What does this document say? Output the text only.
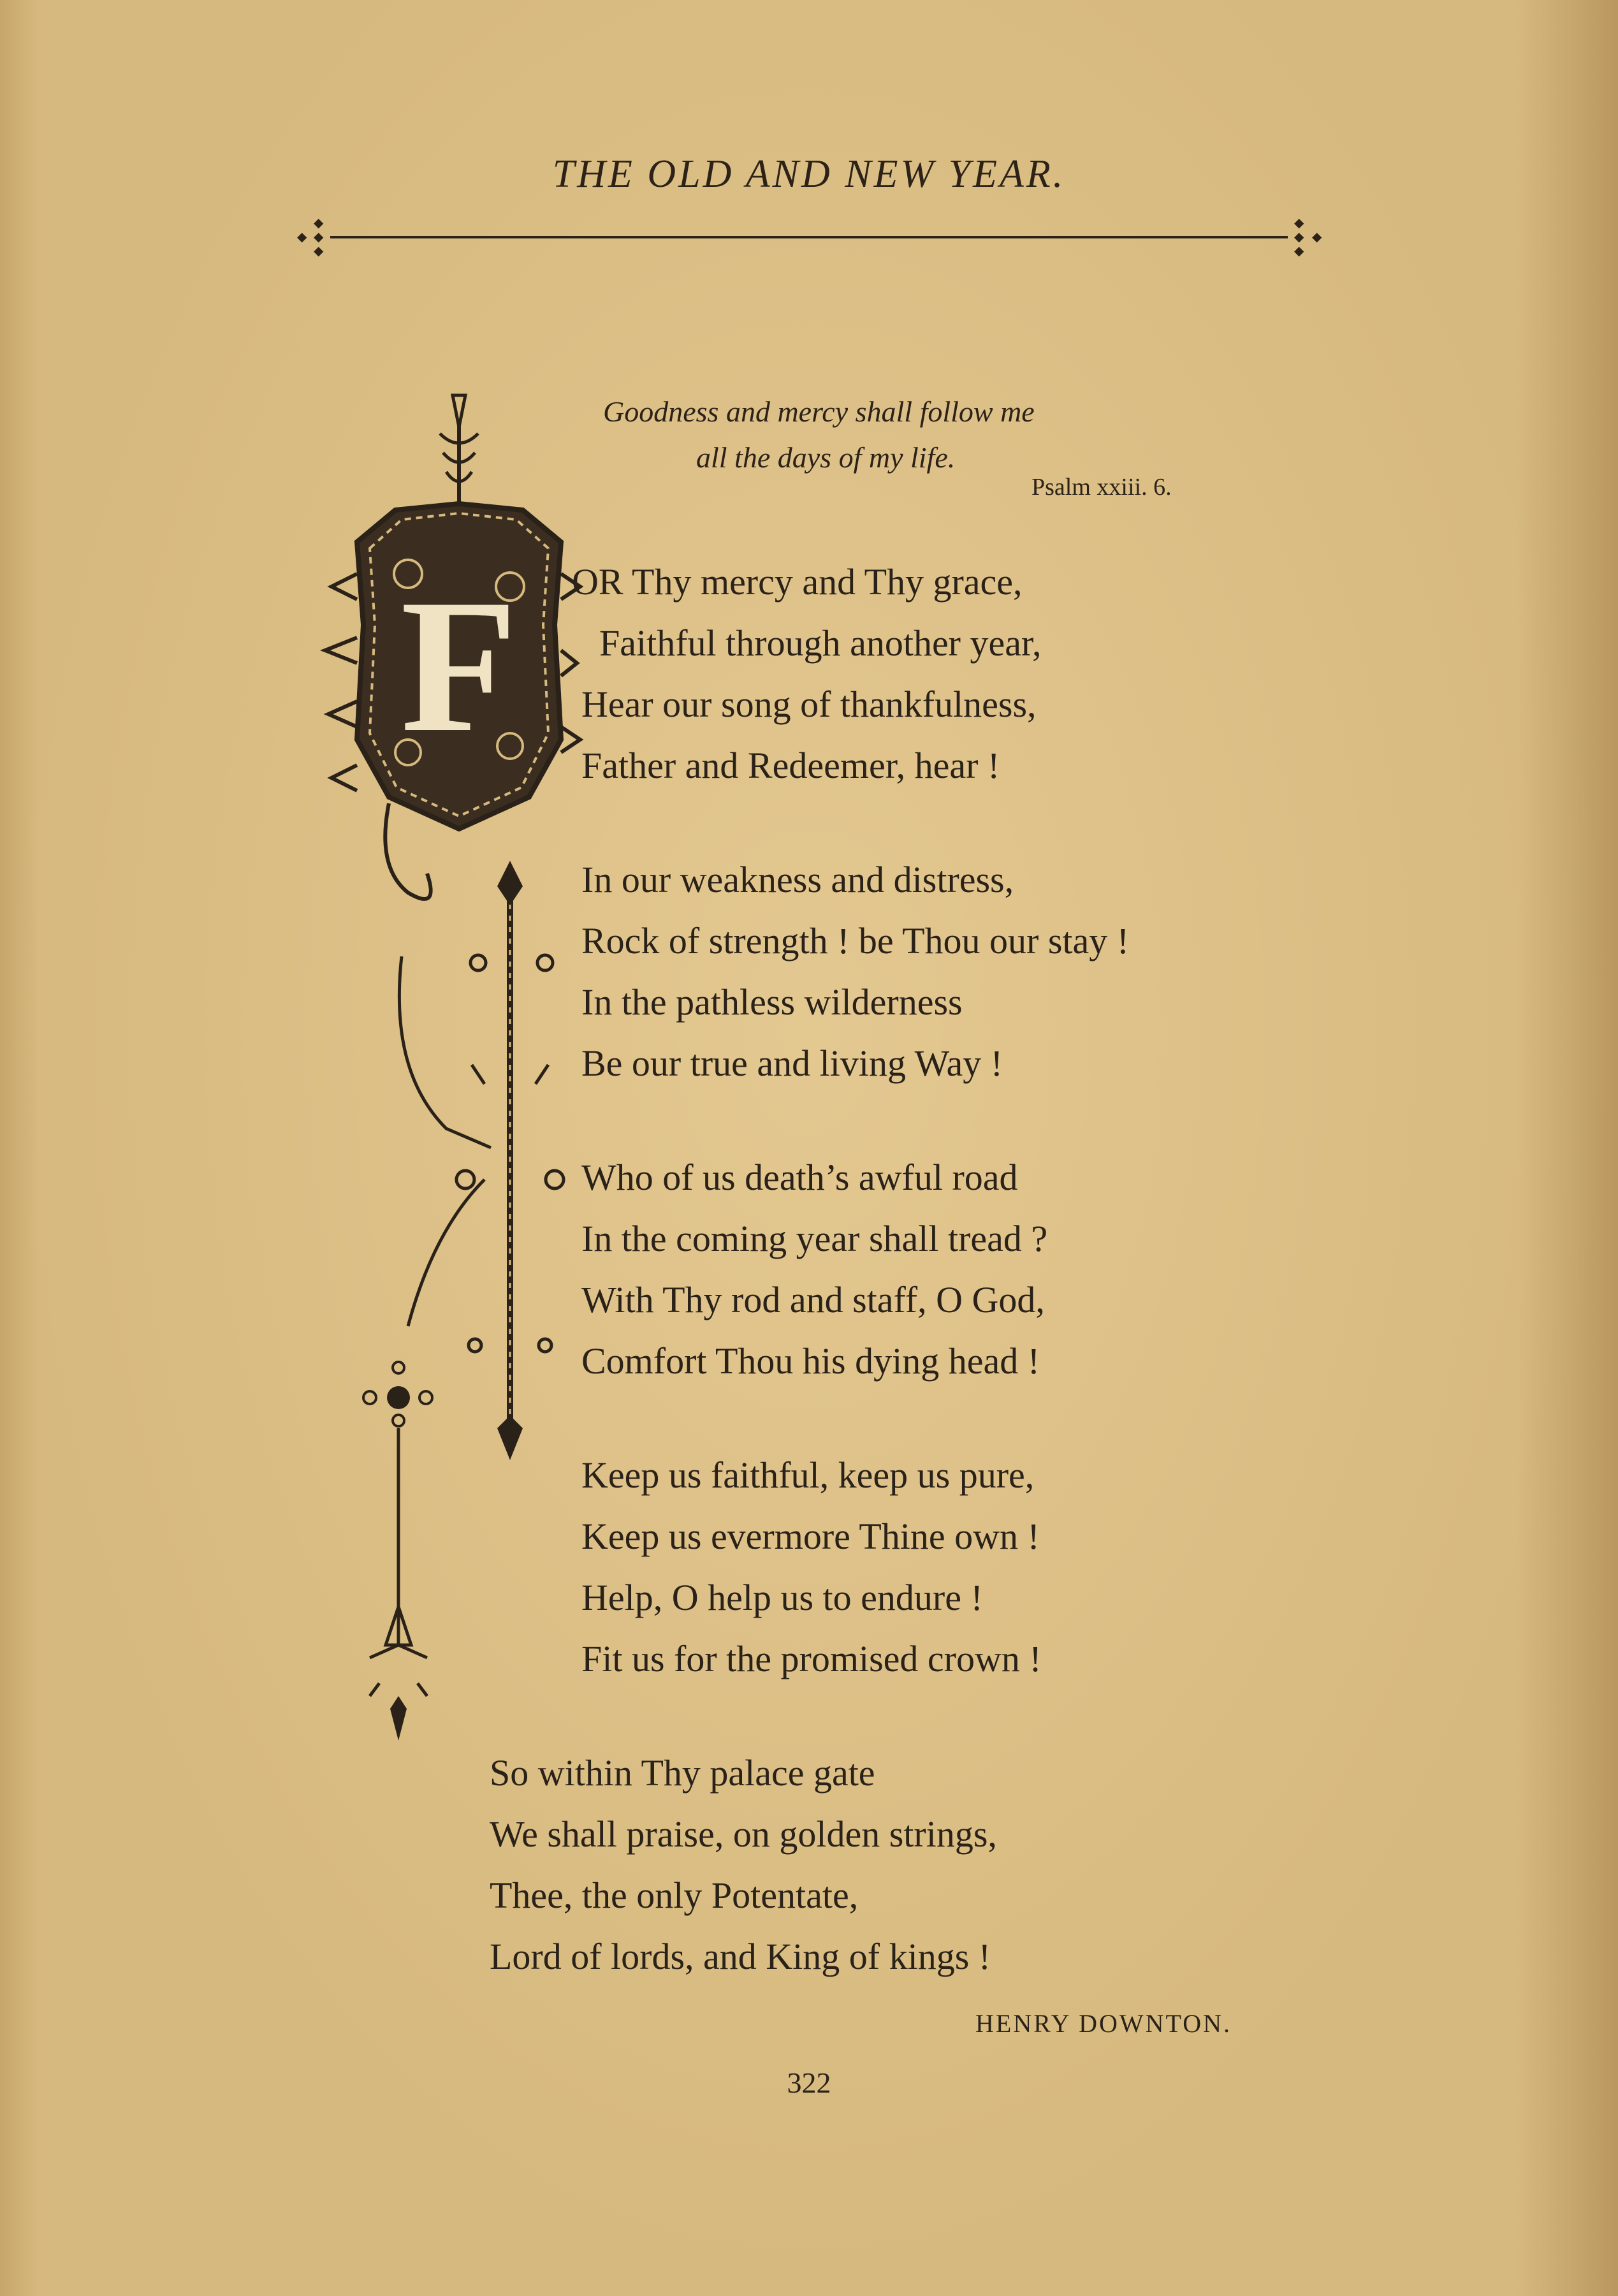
THE OLD AND NEW YEAR.
◆
◆ ◆
◆
◆
◆ ◆
◆
Goodness and mercy shall follow me
all the days of my life.
Psalm xxiii. 6.
F OR Thy mercy and Thy grace,
Faithful through another year,
Hear our song of thankfulness,
Father and Redeemer, hear !
In our weakness and distress,
Rock of strength ! be Thou our stay !
In the pathless wilderness
Be our true and living Way !
Who of us death’s awful road
In the coming year shall tread ?
With Thy rod and staff, O God,
Comfort Thou his dying head !
Keep us faithful, keep us pure,
Keep us evermore Thine own !
Help, O help us to endure !
Fit us for the promised crown !
So within Thy palace gate
We shall praise, on golden strings,
Thee, the only Potentate,
Lord of lords, and King of kings !
HENRY DOWNTON.
322
